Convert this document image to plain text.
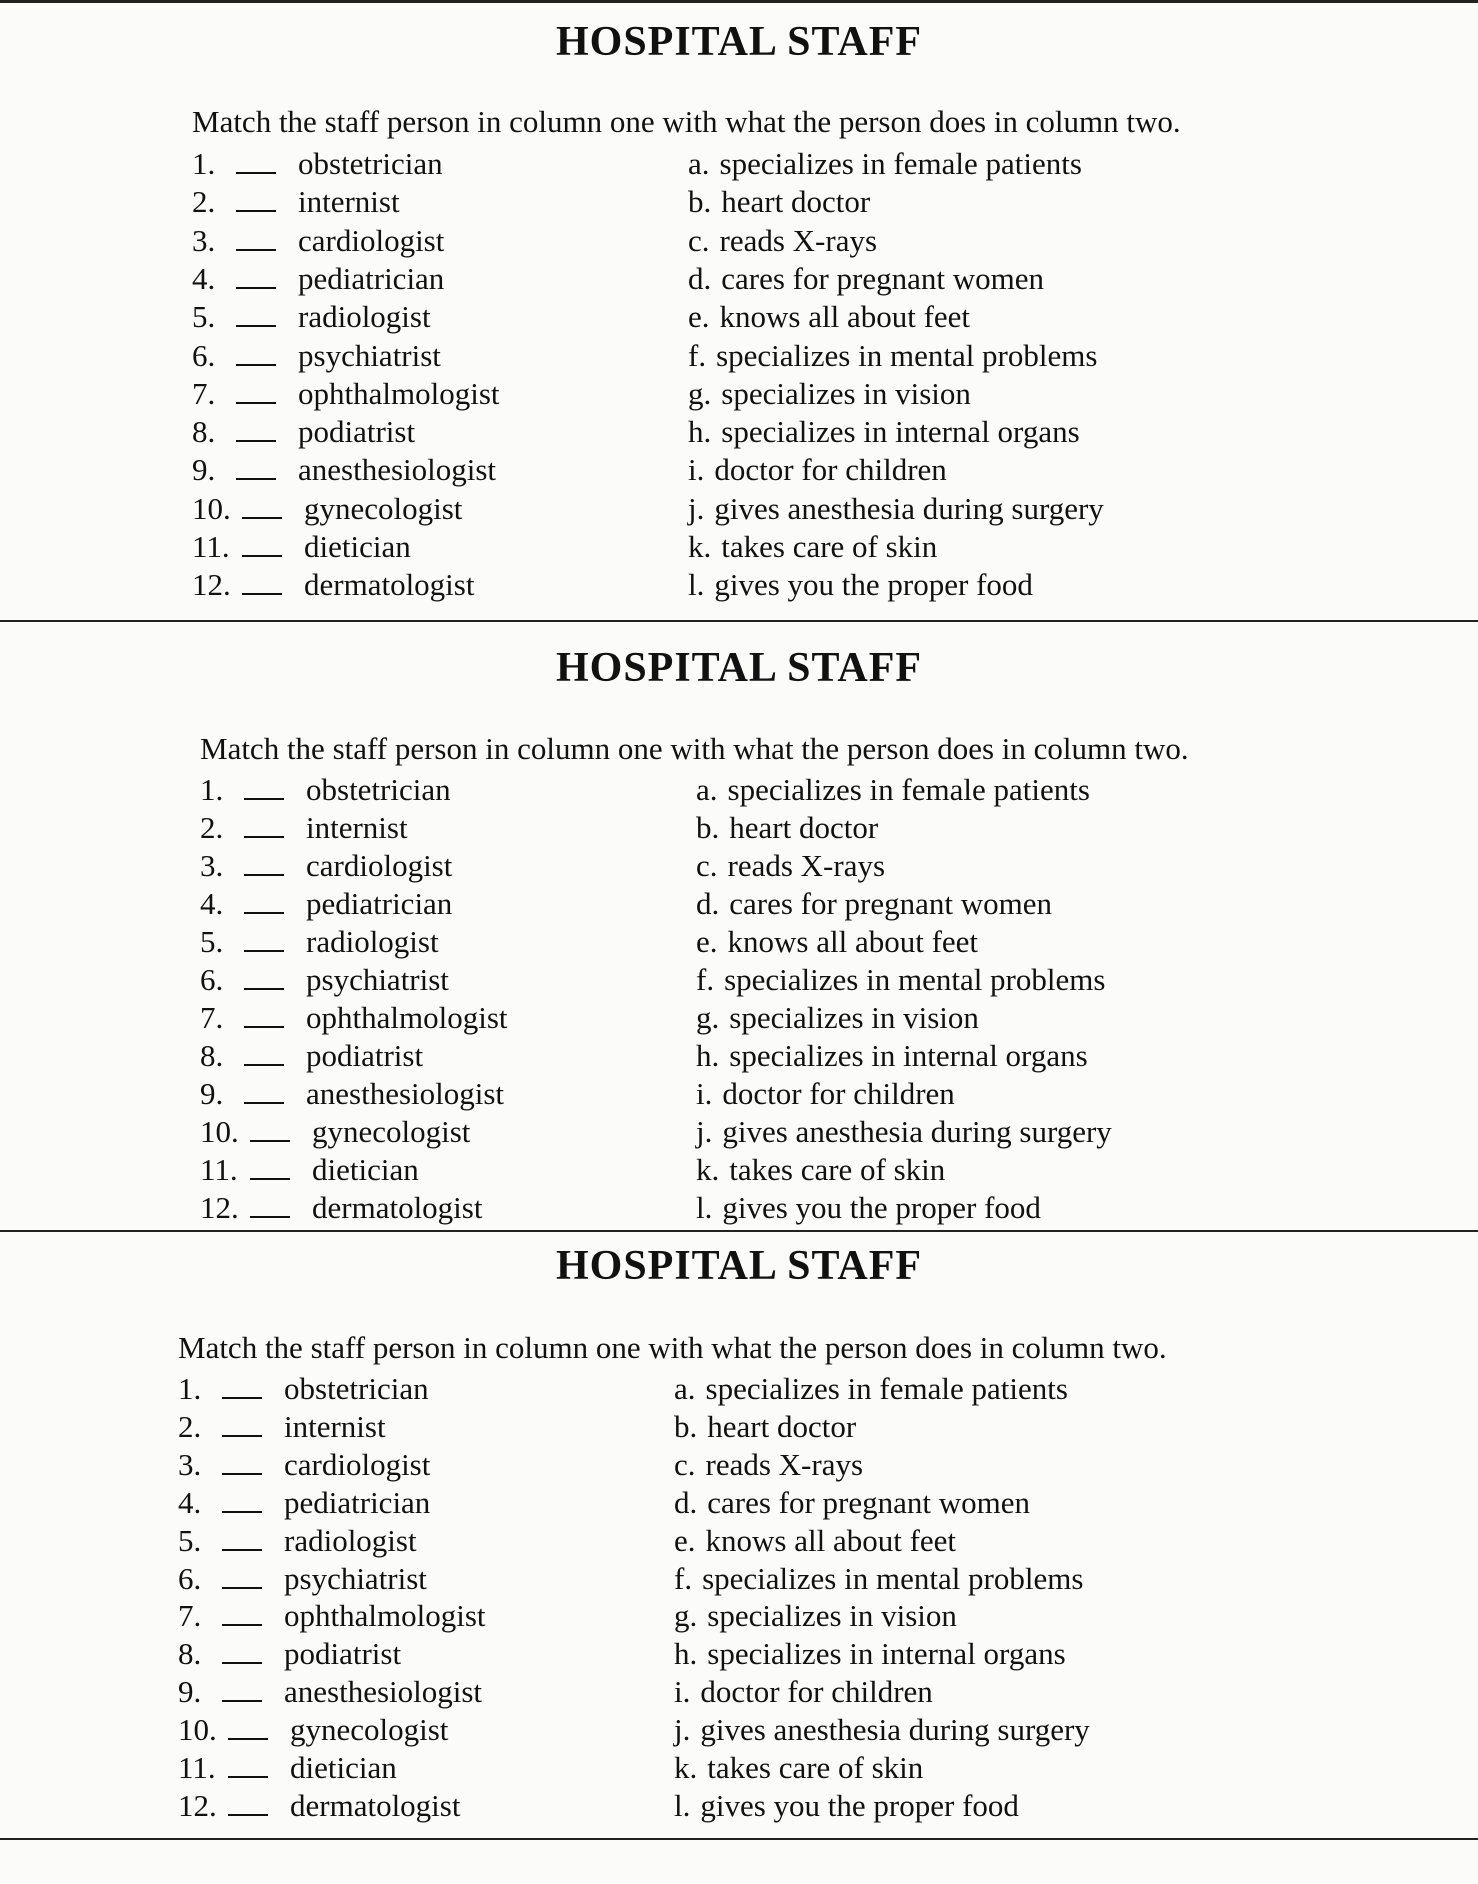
HOSPITAL STAFF

Match the staff person in column one with what the person does in column two.

1.	obstetrician	a. specializes in female patients
2.	internist	b. heart doctor
3.	cardiologist	c. reads X-rays
4.	pediatrician	d. cares for pregnant women
5.	radiologist	e. knows all about feet
6.	psychiatrist	f. specializes in mental problems
7.	ophthalmologist	g. specializes in vision
8.	podiatrist	h. specializes in internal organs
9.	anesthesiologist	i. doctor for children
10. gynecologist	j. gives anesthesia during surgery
11. dietician	k. takes care of skin
12. dermatologist	l. gives you the proper food
HOSPITAL STAFF

Match the staff person in column one with what the person does in column two.

1.	obstetrician	a. specializes in female patients
2.	internist	b. heart doctor
3.	cardiologist	c. reads X-rays
4.	pediatrician	d. cares for pregnant women
5.	radiologist	e. knows all about feet
6.	psychiatrist	f. specializes in mental problems
7.	ophthalmologist	g. specializes in vision
8.	podiatrist	h. specializes in internal organs
9.	anesthesiologist	i. doctor for children
10. gynecologist	j. gives anesthesia during surgery
11. dietician	k. takes care of skin
12. dermatologist	l. gives you the proper food
HOSPITAL STAFF

Match the staff person in column one with what the person does in column two.

1.	obstetrician	a. specializes in female patients
2.	internist	b. heart doctor
3.	cardiologist	c. reads X-rays
4.	pediatrician	d. cares for pregnant women
5.	radiologist	e. knows all about feet
6.	psychiatrist	f. specializes in mental problems
7.	ophthalmologist	g. specializes in vision
8.	podiatrist	h. specializes in internal organs
9.	anesthesiologist	i. doctor for children
10. gynecologist	j. gives anesthesia during surgery
11. dietician	k. takes care of skin
12. dermatologist	l. gives you the proper food
